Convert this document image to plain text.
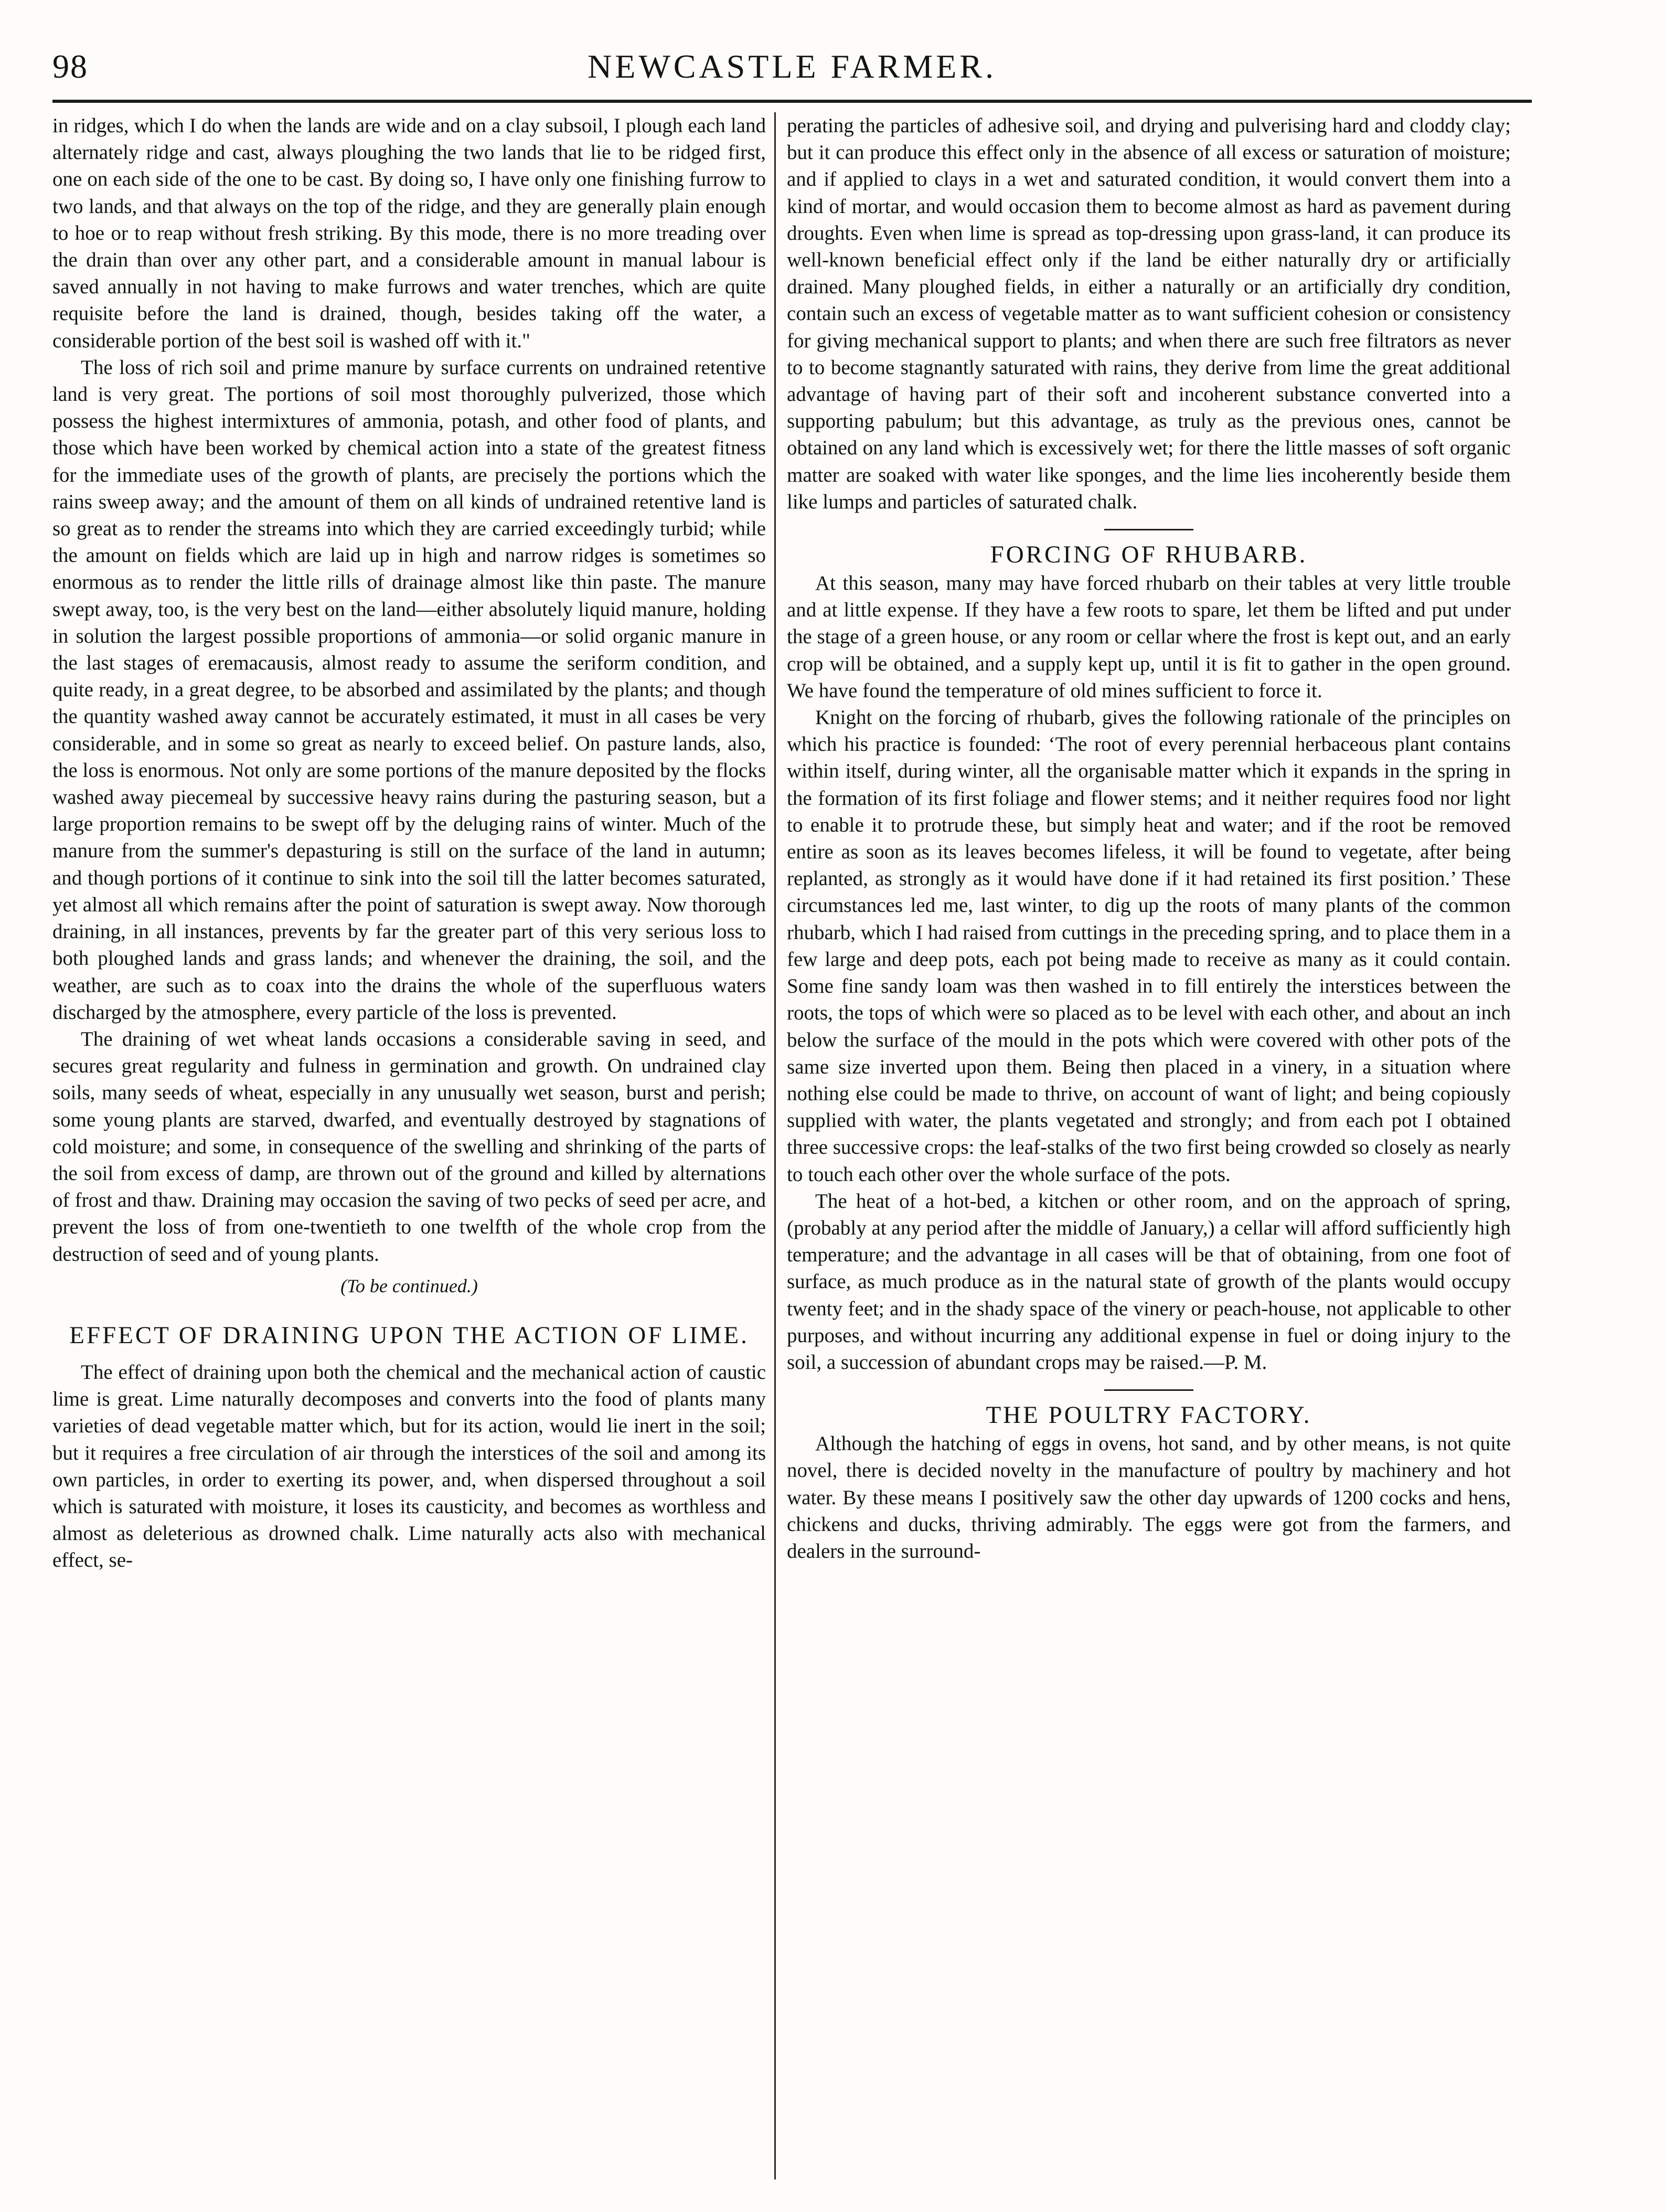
98	NEWCASTLE FARMER.

in ridges, which I do when the lands are wide and on a clay subsoil, I plough each land alternately ridge and cast, always ploughing the two lands that lie to be ridged first, one on each side of the one to be cast. By doing so, I have only one finishing furrow to two lands, and that always on the top of the ridge, and they are generally plain enough to hoe or to reap without fresh striking. By this mode, there is no more treading over the drain than over any other part, and a considerable amount in manual labour is saved annually in not having to make furrows and water trenches, which are quite requisite before the land is drained, though, besides taking off the water, a considerable portion of the best soil is washed off with it."

The loss of rich soil and prime manure by surface currents on undrained retentive land is very great. The portions of soil most thoroughly pulverized, those which possess the highest intermixtures of ammonia, potash, and other food of plants, and those which have been worked by chemical action into a state of the greatest fitness for the immediate uses of the growth of plants, are precisely the portions which the rains sweep away; and the amount of them on all kinds of undrained retentive land is so great as to render the streams into which they are carried exceedingly turbid; while the amount on fields which are laid up in high and narrow ridges is sometimes so enormous as to render the little rills of drainage almost like thin paste. The manure swept away, too, is the very best on the land—either absolutely liquid manure, holding in solution the largest possible proportions of ammonia—or solid organic manure in the last stages of eremacausis, almost ready to assume the seriform condition, and quite ready, in a great degree, to be absorbed and assimilated by the plants; and though the quantity washed away cannot be accurately estimated, it must in all cases be very considerable, and in some so great as nearly to exceed belief. On pasture lands, also, the loss is enormous. Not only are some portions of the manure deposited by the flocks washed away piecemeal by successive heavy rains during the pasturing season, but a large proportion remains to be swept off by the deluging rains of winter. Much of the manure from the summer's depasturing is still on the surface of the land in autumn; and though portions of it continue to sink into the soil till the latter becomes saturated, yet almost all which remains after the point of saturation is swept away. Now thorough draining, in all instances, prevents by far the greater part of this very serious loss to both ploughed lands and grass lands; and whenever the draining, the soil, and the weather, are such as to coax into the drains the whole of the superfluous waters discharged by the atmosphere, every particle of the loss is prevented.

The draining of wet wheat lands occasions a considerable saving in seed, and secures great regularity and fulness in germination and growth. On undrained clay soils, many seeds of wheat, especially in any unusually wet season, burst and perish; some young plants are starved, dwarfed, and eventually destroyed by stagnations of cold moisture; and some, in consequence of the swelling and shrinking of the parts of the soil from excess of damp, are thrown out of the ground and killed by alternations of frost and thaw. Draining may occasion the saving of two pecks of seed per acre, and prevent the loss of from one-twentieth to one twelfth of the whole crop from the destruction of seed and of young plants.

(To be continued.)

EFFECT OF DRAINING UPON THE ACTION OF LIME.

The effect of draining upon both the chemical and the mechanical action of caustic lime is great. Lime naturally decomposes and converts into the food of plants many varieties of dead vegetable matter which, but for its action, would lie inert in the soil; but it requires a free circulation of air through the interstices of the soil and among its own particles, in order to exerting its power, and, when dispersed throughout a soil which is saturated with moisture, it loses its causticity, and becomes as worthless and almost as deleterious as drowned chalk. Lime naturally acts also with mechanical effect, se-

perating the particles of adhesive soil, and drying and pulverising hard and cloddy clay; but it can produce this effect only in the absence of all excess or saturation of moisture; and if applied to clays in a wet and saturated condition, it would convert them into a kind of mortar, and would occasion them to become almost as hard as pavement during droughts. Even when lime is spread as top-dressing upon grass-land, it can produce its well-known beneficial effect only if the land be either naturally dry or artificially drained. Many ploughed fields, in either a naturally or an artificially dry condition, contain such an excess of vegetable matter as to want sufficient cohesion or consistency for giving mechanical support to plants; and when there are such free filtrators as never to to become stagnantly saturated with rains, they derive from lime the great additional advantage of having part of their soft and incoherent substance converted into a supporting pabulum; but this advantage, as truly as the previous ones, cannot be obtained on any land which is excessively wet; for there the little masses of soft organic matter are soaked with water like sponges, and the lime lies incoherently beside them like lumps and particles of saturated chalk.

FORCING OF RHUBARB.

At this season, many may have forced rhubarb on their tables at very little trouble and at little expense. If they have a few roots to spare, let them be lifted and put under the stage of a green house, or any room or cellar where the frost is kept out, and an early crop will be obtained, and a supply kept up, until it is fit to gather in the open ground. We have found the temperature of old mines sufficient to force it.

Knight on the forcing of rhubarb, gives the following rationale of the principles on which his practice is founded: ‘The root of every perennial herbaceous plant contains within itself, during winter, all the organisable matter which it expands in the spring in the formation of its first foliage and flower stems; and it neither requires food nor light to enable it to protrude these, but simply heat and water; and if the root be removed entire as soon as its leaves becomes lifeless, it will be found to vegetate, after being replanted, as strongly as it would have done if it had retained its first position.’ These circumstances led me, last winter, to dig up the roots of many plants of the common rhubarb, which I had raised from cuttings in the preceding spring, and to place them in a few large and deep pots, each pot being made to receive as many as it could contain. Some fine sandy loam was then washed in to fill entirely the interstices between the roots, the tops of which were so placed as to be level with each other, and about an inch below the surface of the mould in the pots which were covered with other pots of the same size inverted upon them. Being then placed in a vinery, in a situation where nothing else could be made to thrive, on account of want of light; and being copiously supplied with water, the plants vegetated and strongly; and from each pot I obtained three successive crops: the leaf-stalks of the two first being crowded so closely as nearly to touch each other over the whole surface of the pots.

The heat of a hot-bed, a kitchen or other room, and on the approach of spring, (probably at any period after the middle of January,) a cellar will afford sufficiently high temperature; and the advantage in all cases will be that of obtaining, from one foot of surface, as much produce as in the natural state of growth of the plants would occupy twenty feet; and in the shady space of the vinery or peach-house, not applicable to other purposes, and without incurring any additional expense in fuel or doing injury to the soil, a succession of abundant crops may be raised.—P. M.

THE POULTRY FACTORY.

Although the hatching of eggs in ovens, hot sand, and by other means, is not quite novel, there is decided novelty in the manufacture of poultry by machinery and hot water. By these means I positively saw the other day upwards of 1200 cocks and hens, chickens and ducks, thriving admirably. The eggs were got from the farmers, and dealers in the surround-
